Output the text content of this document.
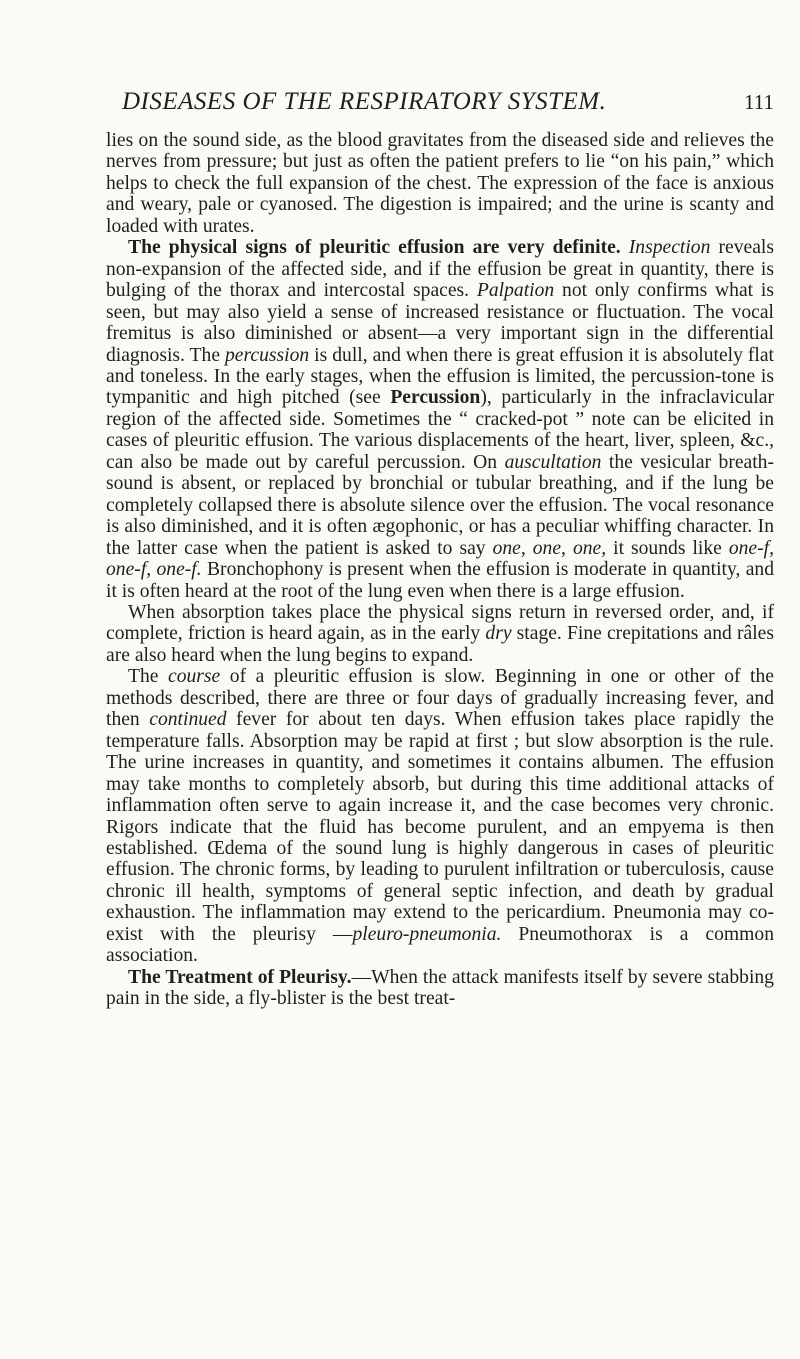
DISEASES OF THE RESPIRATORY SYSTEM.	111

lies on the sound side, as the blood gravitates from the diseased side and relieves the nerves from pressure; but just as often the patient prefers to lie “on his pain,” which helps to check the full expansion of the chest. The expression of the face is anxious and weary, pale or cyanosed. The digestion is impaired; and the urine is scanty and loaded with urates.

The physical signs of pleuritic effusion are very definite. Inspection reveals non-expansion of the affected side, and if the effusion be great in quantity, there is bulging of the thorax and intercostal spaces. Palpation not only confirms what is seen, but may also yield a sense of increased resistance or fluctuation. The vocal fremitus is also diminished or absent—a very important sign in the differential diagnosis. The percussion is dull, and when there is great effusion it is absolutely flat and toneless. In the early stages, when the effusion is limited, the percussion-tone is tympanitic and high pitched (see Percussion), particularly in the infraclavicular region of the affected side. Sometimes the “ cracked-pot ” note can be elicited in cases of pleuritic effusion. The various displacements of the heart, liver, spleen, &c., can also be made out by careful percussion. On auscultation the vesicular breath-sound is absent, or replaced by bronchial or tubular breathing, and if the lung be completely collapsed there is absolute silence over the effusion. The vocal resonance is also diminished, and it is often ægophonic, or has a peculiar whiffing character. In the latter case when the patient is asked to say one, one, one, it sounds like one-f, one-f, one-f. Bronchophony is present when the effusion is moderate in quantity, and it is often heard at the root of the lung even when there is a large effusion.

When absorption takes place the physical signs return in reversed order, and, if complete, friction is heard again, as in the early dry stage. Fine crepitations and râles are also heard when the lung begins to expand.

The course of a pleuritic effusion is slow. Beginning in one or other of the methods described, there are three or four days of gradually increasing fever, and then continued fever for about ten days. When effusion takes place rapidly the temperature falls. Absorption may be rapid at first ; but slow absorption is the rule. The urine increases in quantity, and sometimes it contains albumen. The effusion may take months to completely absorb, but during this time additional attacks of inflammation often serve to again increase it, and the case becomes very chronic. Rigors indicate that the fluid has become purulent, and an empyema is then established. Œdema of the sound lung is highly dangerous in cases of pleuritic effusion. The chronic forms, by leading to purulent infiltration or tuberculosis, cause chronic ill health, symptoms of general septic infection, and death by gradual exhaustion. The inflammation may extend to the pericardium. Pneumonia may co-exist with the pleurisy —pleuro-pneumonia. Pneumothorax is a common association.

The Treatment of Pleurisy.—When the attack manifests itself by severe stabbing pain in the side, a fly-blister is the best treat-
